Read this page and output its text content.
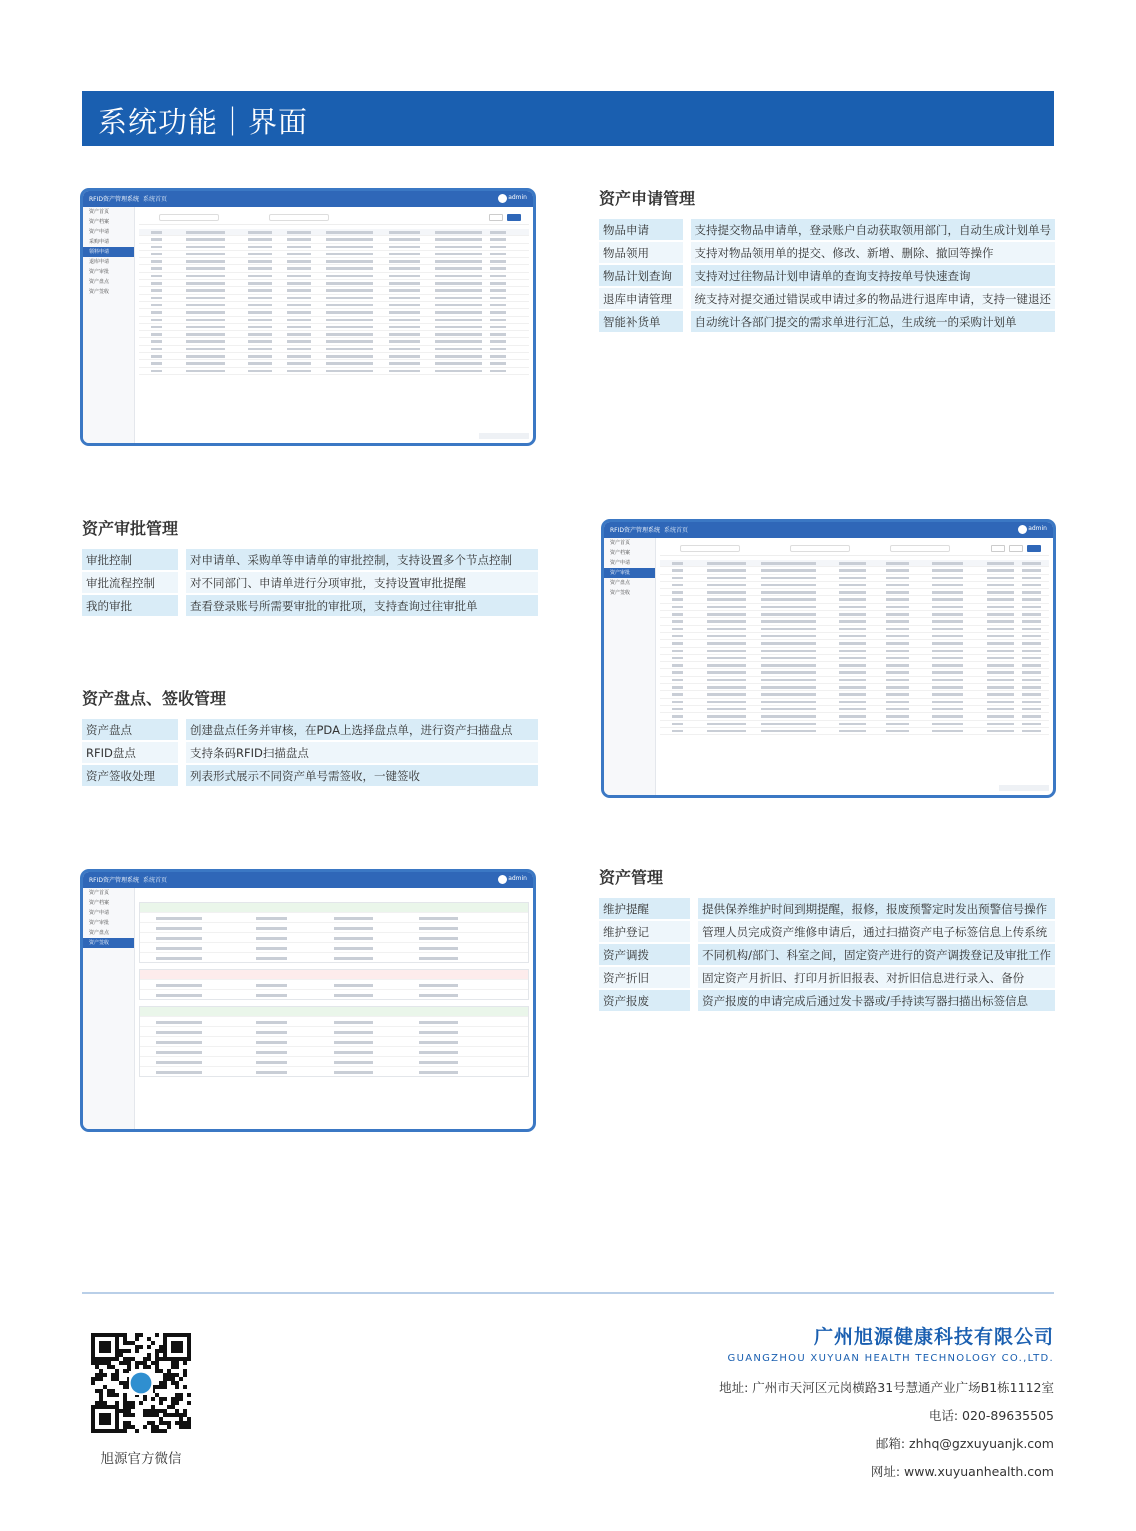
系统功能｜界面
RFID资产管理系统 系统首页	admin
资产首页
资产档案
资产申请
采购申请
领料申请
退库申请
资产审批
资产盘点
资产签收
资产申请管理
物品申请	支持提交物品申请单，登录账户自动获取领用部门，自动生成计划单号
物品领用	支持对物品领用单的提交、修改、新增、删除、撤回等操作
物品计划查询	支持对过往物品计划申请单的查询支持按单号快速查询
退库申请管理	统支持对提交通过错误或申请过多的物品进行退库申请，支持一键退还
智能补货单	自动统计各部门提交的需求单进行汇总，生成统一的采购计划单
资产审批管理
审批控制	对申请单、采购单等申请单的审批控制，支持设置多个节点控制
审批流程控制	对不同部门、申请单进行分项审批，支持设置审批提醒
我的审批	查看登录账号所需要审批的审批项，支持查询过往审批单
RFID资产管理系统 系统首页	admin
资产首页
资产档案
资产申请
资产审批
资产盘点
资产签收
资产盘点、签收管理
资产盘点	创建盘点任务并审核，在PDA上选择盘点单，进行资产扫描盘点
RFID盘点	支持条码RFID扫描盘点
资产签收处理	列表形式展示不同资产单号需签收，一键签收
RFID资产管理系统 系统首页	admin
资产首页
资产档案
资产申请
资产审批
资产盘点
资产签收
资产管理
维护提醒	提供保养维护时间到期提醒，报修，报废预警定时发出预警信号操作
维护登记	管理人员完成资产维修申请后，通过扫描资产电子标签信息上传系统
资产调拨	不同机构/部门、科室之间，固定资产进行的资产调拨登记及审批工作
资产折旧	固定资产月折旧、打印月折旧报表、对折旧信息进行录入、备份
资产报废	资产报废的申请完成后通过发卡器或/手持读写器扫描出标签信息
旭源官方微信
广州旭源健康科技有限公司
GUANGZHOU XUYUAN HEALTH TECHNOLOGY CO.,LTD.
地址: 广州市天河区元岗横路31号慧通产业广场B1栋1112室
电话: 020-89635505
邮箱: zhhq@gzxuyuanjk.com
网址: www.xuyuanhealth.com
